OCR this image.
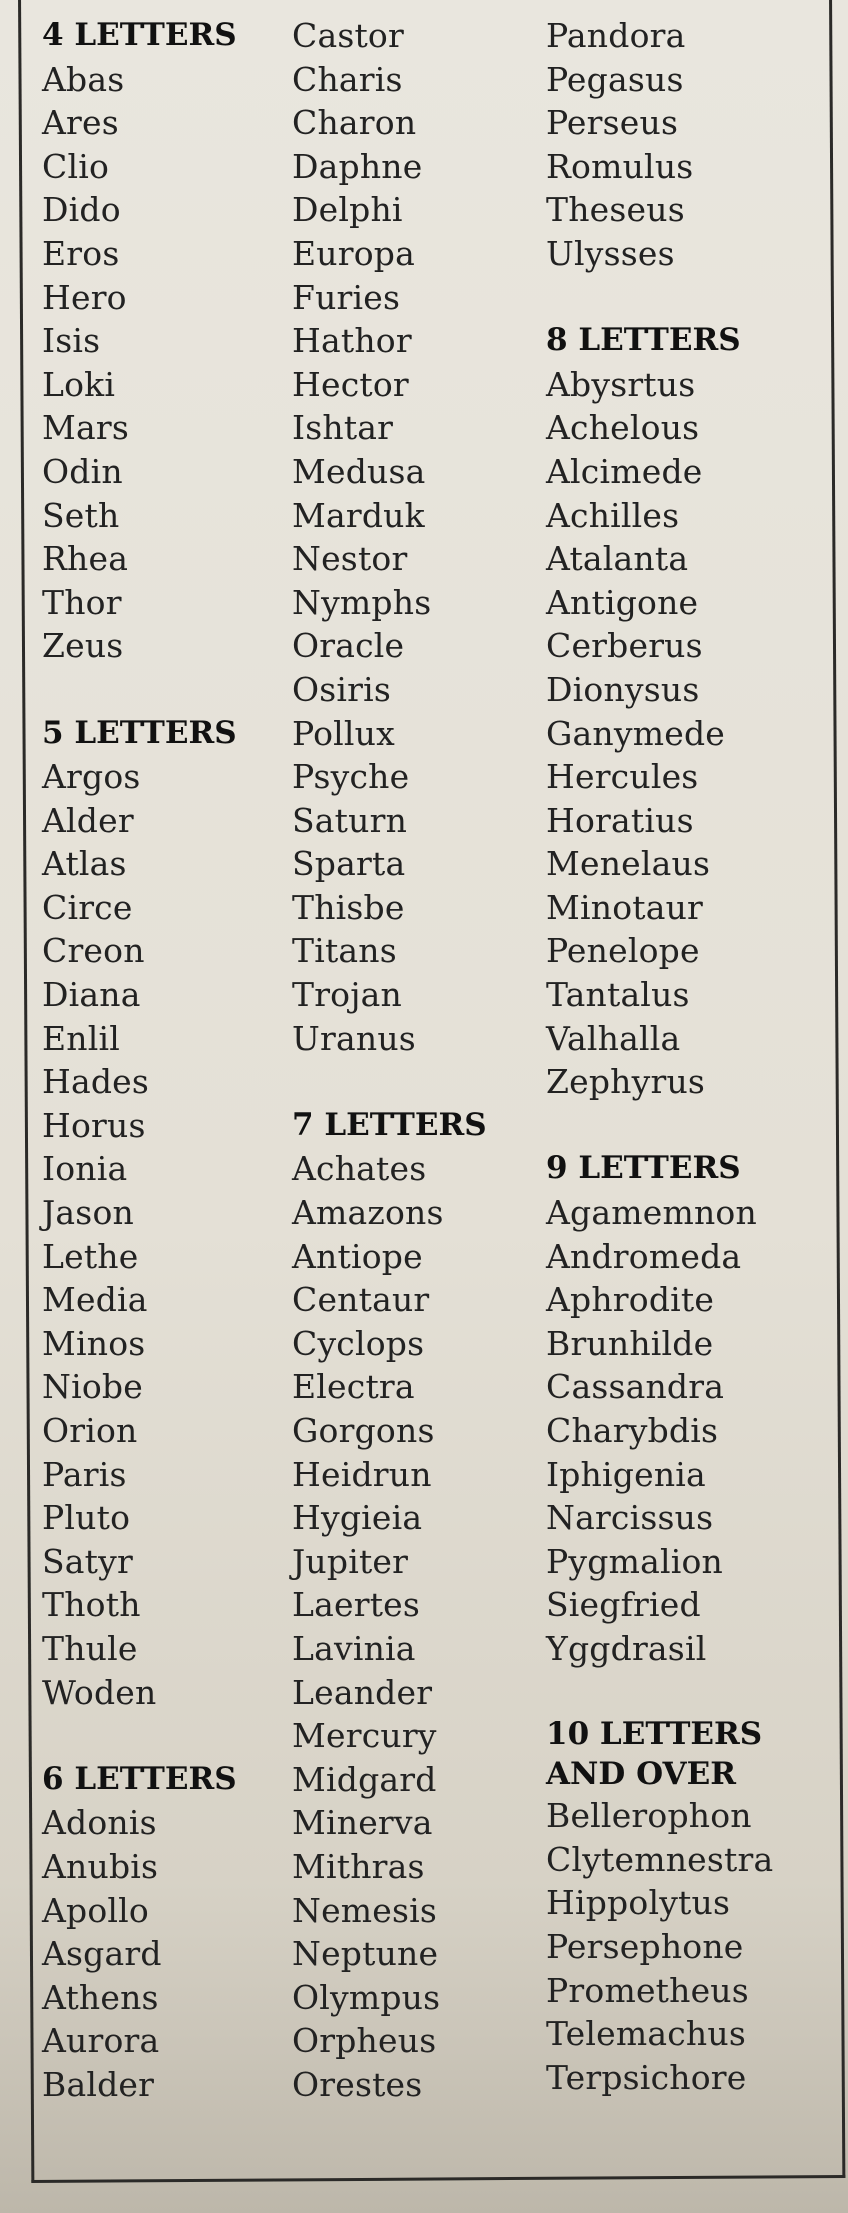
4 LETTERS
Abas
Ares
Clio
Dido
Eros
Hero
Isis
Loki
Mars
Odin
Seth
Rhea
Thor
Zeus
5 LETTERS
Argos
Alder
Atlas
Circe
Creon
Diana
Enlil
Hades
Horus
Ionia
Jason
Lethe
Media
Minos
Niobe
Orion
Paris
Pluto
Satyr
Thoth
Thule
Woden
6 LETTERS
Adonis
Anubis
Apollo
Asgard
Athens
Aurora
Balder
Castor
Charis
Charon
Daphne
Delphi
Europa
Furies
Hathor
Hector
Ishtar
Medusa
Marduk
Nestor
Nymphs
Oracle
Osiris
Pollux
Psyche
Saturn
Sparta
Thisbe
Titans
Trojan
Uranus
7 LETTERS
Achates
Amazons
Antiope
Centaur
Cyclops
Electra
Gorgons
Heidrun
Hygieia
Jupiter
Laertes
Lavinia
Leander
Mercury
Midgard
Minerva
Mithras
Nemesis
Neptune
Olympus
Orpheus
Orestes
Pandora
Pegasus
Perseus
Romulus
Theseus
Ulysses
8 LETTERS
Abysrtus
Achelous
Alcimede
Achilles
Atalanta
Antigone
Cerberus
Dionysus
Ganymede
Hercules
Horatius
Menelaus
Minotaur
Penelope
Tantalus
Valhalla
Zephyrus
9 LETTERS
Agamemnon
Andromeda
Aphrodite
Brunhilde
Cassandra
Charybdis
Iphigenia
Narcissus
Pygmalion
Siegfried
Yggdrasil
10 LETTERS
AND OVER
Bellerophon
Clytemnestra
Hippolytus
Persephone
Prometheus
Telemachus
Terpsichore
